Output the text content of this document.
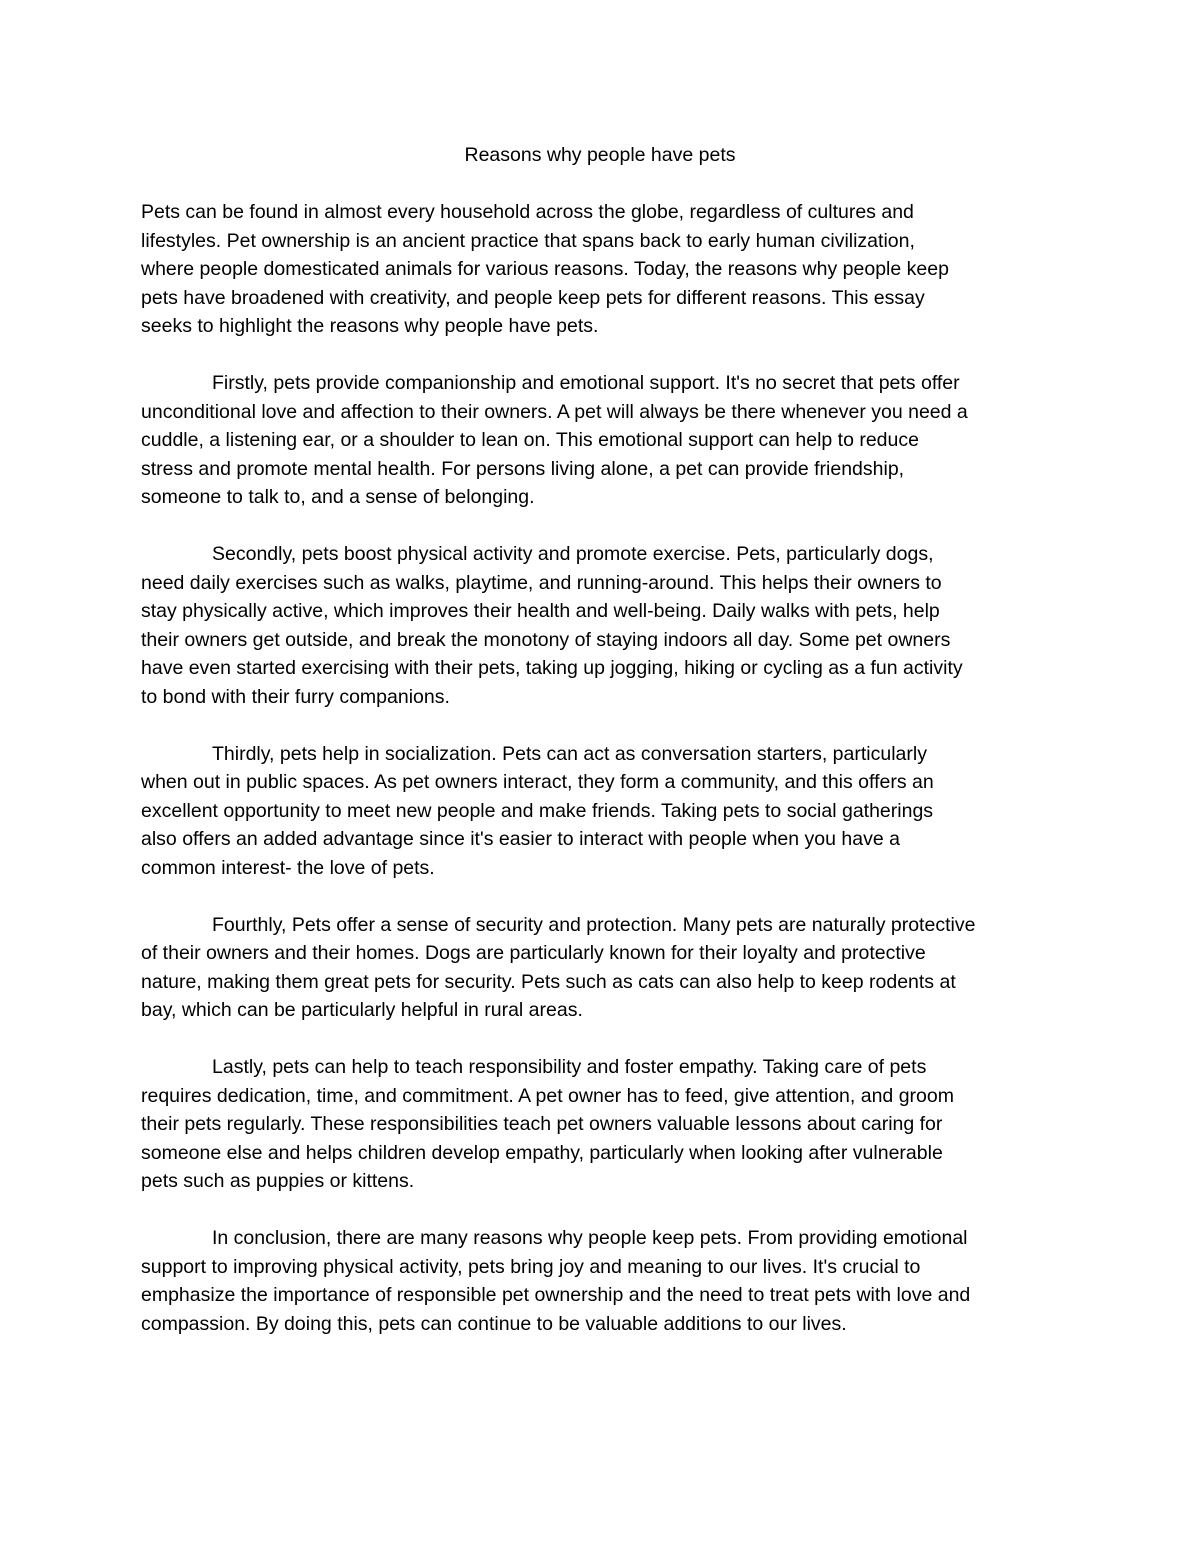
Reasons why people have pets

Pets can be found in almost every household across the globe, regardless of cultures and
lifestyles. Pet ownership is an ancient practice that spans back to early human civilization,
where people domesticated animals for various reasons. Today, the reasons why people keep
pets have broadened with creativity, and people keep pets for different reasons. This essay
seeks to highlight the reasons why people have pets.

Firstly, pets provide companionship and emotional support. It's no secret that pets offer
unconditional love and affection to their owners. A pet will always be there whenever you need a
cuddle, a listening ear, or a shoulder to lean on. This emotional support can help to reduce
stress and promote mental health. For persons living alone, a pet can provide friendship,
someone to talk to, and a sense of belonging.

Secondly, pets boost physical activity and promote exercise. Pets, particularly dogs,
need daily exercises such as walks, playtime, and running-around. This helps their owners to
stay physically active, which improves their health and well-being. Daily walks with pets, help
their owners get outside, and break the monotony of staying indoors all day. Some pet owners
have even started exercising with their pets, taking up jogging, hiking or cycling as a fun activity
to bond with their furry companions.

Thirdly, pets help in socialization. Pets can act as conversation starters, particularly
when out in public spaces. As pet owners interact, they form a community, and this offers an
excellent opportunity to meet new people and make friends. Taking pets to social gatherings
also offers an added advantage since it's easier to interact with people when you have a
common interest- the love of pets.

Fourthly, Pets offer a sense of security and protection. Many pets are naturally protective
of their owners and their homes. Dogs are particularly known for their loyalty and protective
nature, making them great pets for security. Pets such as cats can also help to keep rodents at
bay, which can be particularly helpful in rural areas.

Lastly, pets can help to teach responsibility and foster empathy. Taking care of pets
requires dedication, time, and commitment. A pet owner has to feed, give attention, and groom
their pets regularly. These responsibilities teach pet owners valuable lessons about caring for
someone else and helps children develop empathy, particularly when looking after vulnerable
pets such as puppies or kittens.

In conclusion, there are many reasons why people keep pets. From providing emotional
support to improving physical activity, pets bring joy and meaning to our lives. It's crucial to
emphasize the importance of responsible pet ownership and the need to treat pets with love and
compassion. By doing this, pets can continue to be valuable additions to our lives.
